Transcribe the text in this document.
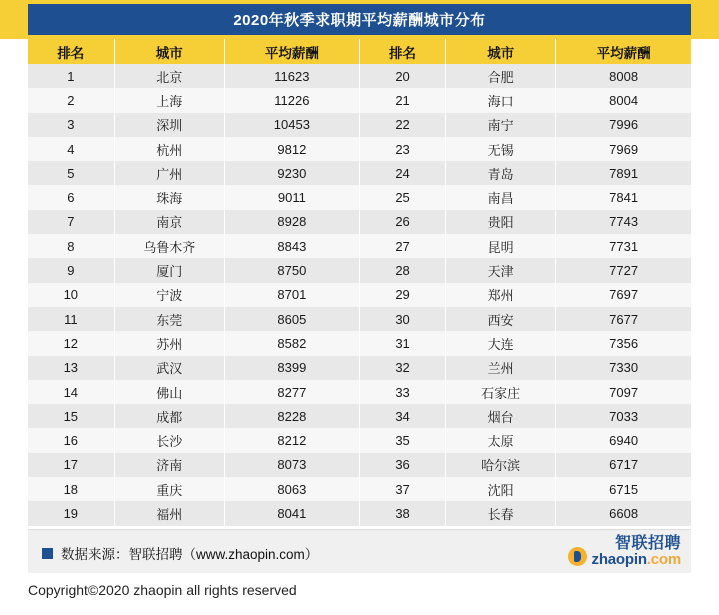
2020年秋季求职期平均薪酬城市分布
排名	城市	平均薪酬	排名	城市	平均薪酬
1	北京	11623	20	合肥	8008
2	上海	11226	21	海口	8004
3	深圳	10453	22	南宁	7996
4	杭州	9812	23	无锡	7969
5	广州	9230	24	青岛	7891
6	珠海	9011	25	南昌	7841
7	南京	8928	26	贵阳	7743
8	乌鲁木齐	8843	27	昆明	7731
9	厦门	8750	28	天津	7727
10	宁波	8701	29	郑州	7697
11	东莞	8605	30	西安	7677
12	苏州	8582	31	大连	7356
13	武汉	8399	32	兰州	7330
14	佛山	8277	33	石家庄	7097
15	成都	8228	34	烟台	7033
16	长沙	8212	35	太原	6940
17	济南	8073	36	哈尔滨	6717
18	重庆	8063	37	沈阳	6715
19	福州	8041	38	长春	6608
数据来源：智联招聘（www.zhaopin.com）
智联招聘
zhaopin.com
Copyright©2020 zhaopin all rights reserved
